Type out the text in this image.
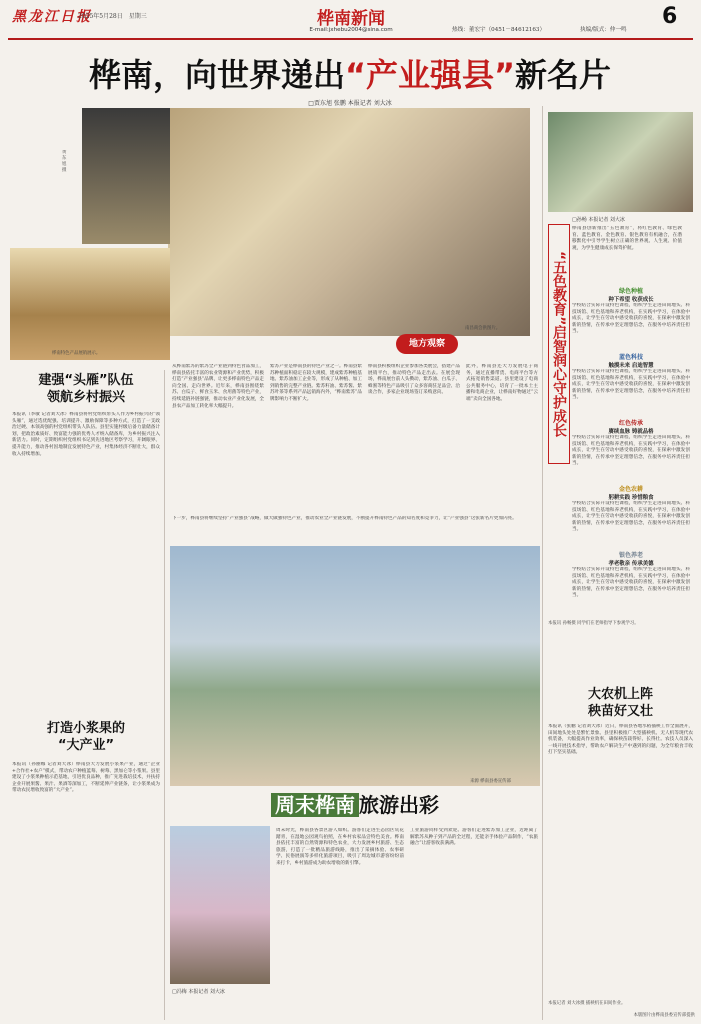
黑龙江日报
2025年5月28日　星期三	桦南新闻
E-mail:jxhebu2004@sina.com	热线：董宏宇（0451－84612163）	执编/版式：仲一鸣
6
桦南，向世界递出“产业强县”新名片
□贾东旭 张鹏 本报记者 刘大冰
桦南特色产品展销展示。
南昌商会供图片。
黄东旭摄
地方观察
从桦南紫苏的紫苏全产业链到特色食品加工，桦南县依托丰富的农业资源和产业优势，积极打造“产业强县”品牌，让更多桦南特色产品走向全国、走向世界。近年来，桦南县围绕紫苏、白瓜子、鲜食玉米、食用菌等特色产业，持续延链补链强链，推动农业产业化发展，全县农产品加工转化率大幅提升。
紫苏产业是桦南县的特色产业之一。桦南县紫苏种植面积稳定在较大规模，建成紫苏种植基地、紫苏油加工企业等，形成了从种植、加工到销售的完整产业链。紫苏籽油、紫苏酱、紫苏叶茶等系列产品远销海内外，“桦南紫苏”品牌影响力不断扩大。
桦南县积极组织企业参加各类展会，搭建产品展销平台，推动特色产品走出去。在展会现场，桦南展台前人头攒动，紫苏油、白瓜子、蜂蜜等特色产品吸引了众多客商驻足品尝、洽谈合作，多家企业现场签订采购意向。
此外，桦南县还大力发展电子商务，通过直播带货、电商平台等方式拓宽销售渠道。县里建设了电商公共服务中心，培育了一批本土主播和电商企业，让桦南好物通过“云端”卖向全国各地。
下一步，桦南县将继续坚持“产业强县”战略，做大做强特色产业，推动农业全产业链发展，不断提升桦南特色产品的知名度和竞争力，让“产业强县”这张新名片更加闪亮。
建强“头雁”队伍
领航乡村振兴
本报讯（李敏 记者刘大冰）桦南县将村党组织带头人作为乡村振兴的“领头雁”，通过选优配强、培训提升、激励保障等多种方式，打造了一支政治过硬、本领高强的村党组织带头人队伍。县里实施村级后备力量储备计划，把政治素质好、致富能力强的优秀人才纳入储备库，为乡村振兴注入新活力。同时，定期组织村党组织书记到先进地区考察学习，开阔眼界、提升能力，推动各村因地制宜发展特色产业，村集体经济不断壮大，群众收入持续增加。
打造小浆果的
“大产业”
本报讯（孙丽娜 记者刘大冰）桦南县大力发展小浆果产业，通过“企业+合作社+农户”模式，带动农户种植蓝莓、树莓、黑加仑等小浆果。县里建设了小浆果种植示范基地，引进优良品种，推广先进栽培技术，并扶持企业开展果酱、果汁、果酒等深加工，不断延伸产业链条，让小浆果成为带动农民增收致富的“大产业”。
□孙畅 本报记者 刘大冰
桦南县创新推出“五色教育”，将红色教育、绿色教育、蓝色教育、金色教育、银色教育有机融合，在潜移默化中引导学生树立正确的世界观、人生观、价值观，为学生健康成长保驾护航。
“五色教育”启智润心守护成长	绿色种植
种下希望 收获成长
学校结合实际开设特色课程，组织学生走进田间地头、科技场馆、红色基地和养老机构，在实践中学习，在体验中成长，让学生在劳动中感受收获的喜悦，在探索中激发创新的热情，在传承中坚定理想信念，在服务中培养责任担当。
蓝色科技
触摸未来 启迪智慧
学校结合实际开设特色课程，组织学生走进田间地头、科技场馆、红色基地和养老机构，在实践中学习，在体验中成长，让学生在劳动中感受收获的喜悦，在探索中激发创新的热情，在传承中坚定理想信念，在服务中培养责任担当。
红色传承
赓续血脉 铸就品格
学校结合实际开设特色课程，组织学生走进田间地头、科技场馆、红色基地和养老机构，在实践中学习，在体验中成长，让学生在劳动中感受收获的喜悦，在探索中激发创新的热情，在传承中坚定理想信念，在服务中培养责任担当。
金色农耕
躬耕实践 珍惜粮食
学校结合实际开设特色课程，组织学生走进田间地头、科技场馆、红色基地和养老机构，在实践中学习，在体验中成长，让学生在劳动中感受收获的喜悦，在探索中激发创新的热情，在传承中坚定理想信念，在服务中培养责任担当。
银色养老
孝老敬亲 传承美德
学校结合实际开设特色课程，组织学生走进田间地头、科技场馆、红色基地和养老机构，在实践中学习，在体验中成长，让学生在劳动中感受收获的喜悦，在探索中激发创新的热情，在传承中坚定理想信念，在服务中培养责任担当。
本报讯 孙畅摄 同学们在老师指导下参观学习。
大农机上阵
秧苗好又壮
本报讯（张鹏 记者刘大冰）近日，桦南县各地水稻插秧工作全面展开，田间地头处处是繁忙景象。县里积极推广大型插秧机、无人机等现代农机装备，大幅提高作业效率，确保秧苗栽得好、长得壮。农技人员深入一线开展技术指导，帮助农户解决生产中遇到的问题，为全年粮食丰收打下坚实基础。
本报记者 刘大冰摄 插秧机在田间作业。
来源 桦南县委宣传部
周末桦南 旅游出彩
□冯梅 本报记者 刘大冰
周末时光，桦南县各景区游人如织。游客们走进生态园区赏花踏青，在湿地公园观鸟拍照，在乡村农家品尝特色美食。桦南县依托丰富的自然资源和特色农业，大力发展乡村旅游、生态旅游，打造了一批精品旅游线路，推出了采摘体验、农事研学、民俗展演等多样化旅游项目，吸引了周边城市游客纷纷前来打卡，乡村旅游成为助农增收的新引擎。
工业旅游同样受到欢迎。游客们走进紫苏加工企业，近距离了解紫苏从种子到产品的全过程，还能亲手体验产品制作，“农旅融合”让游客收获满满。
本版图片由桦南县委宣传部提供
